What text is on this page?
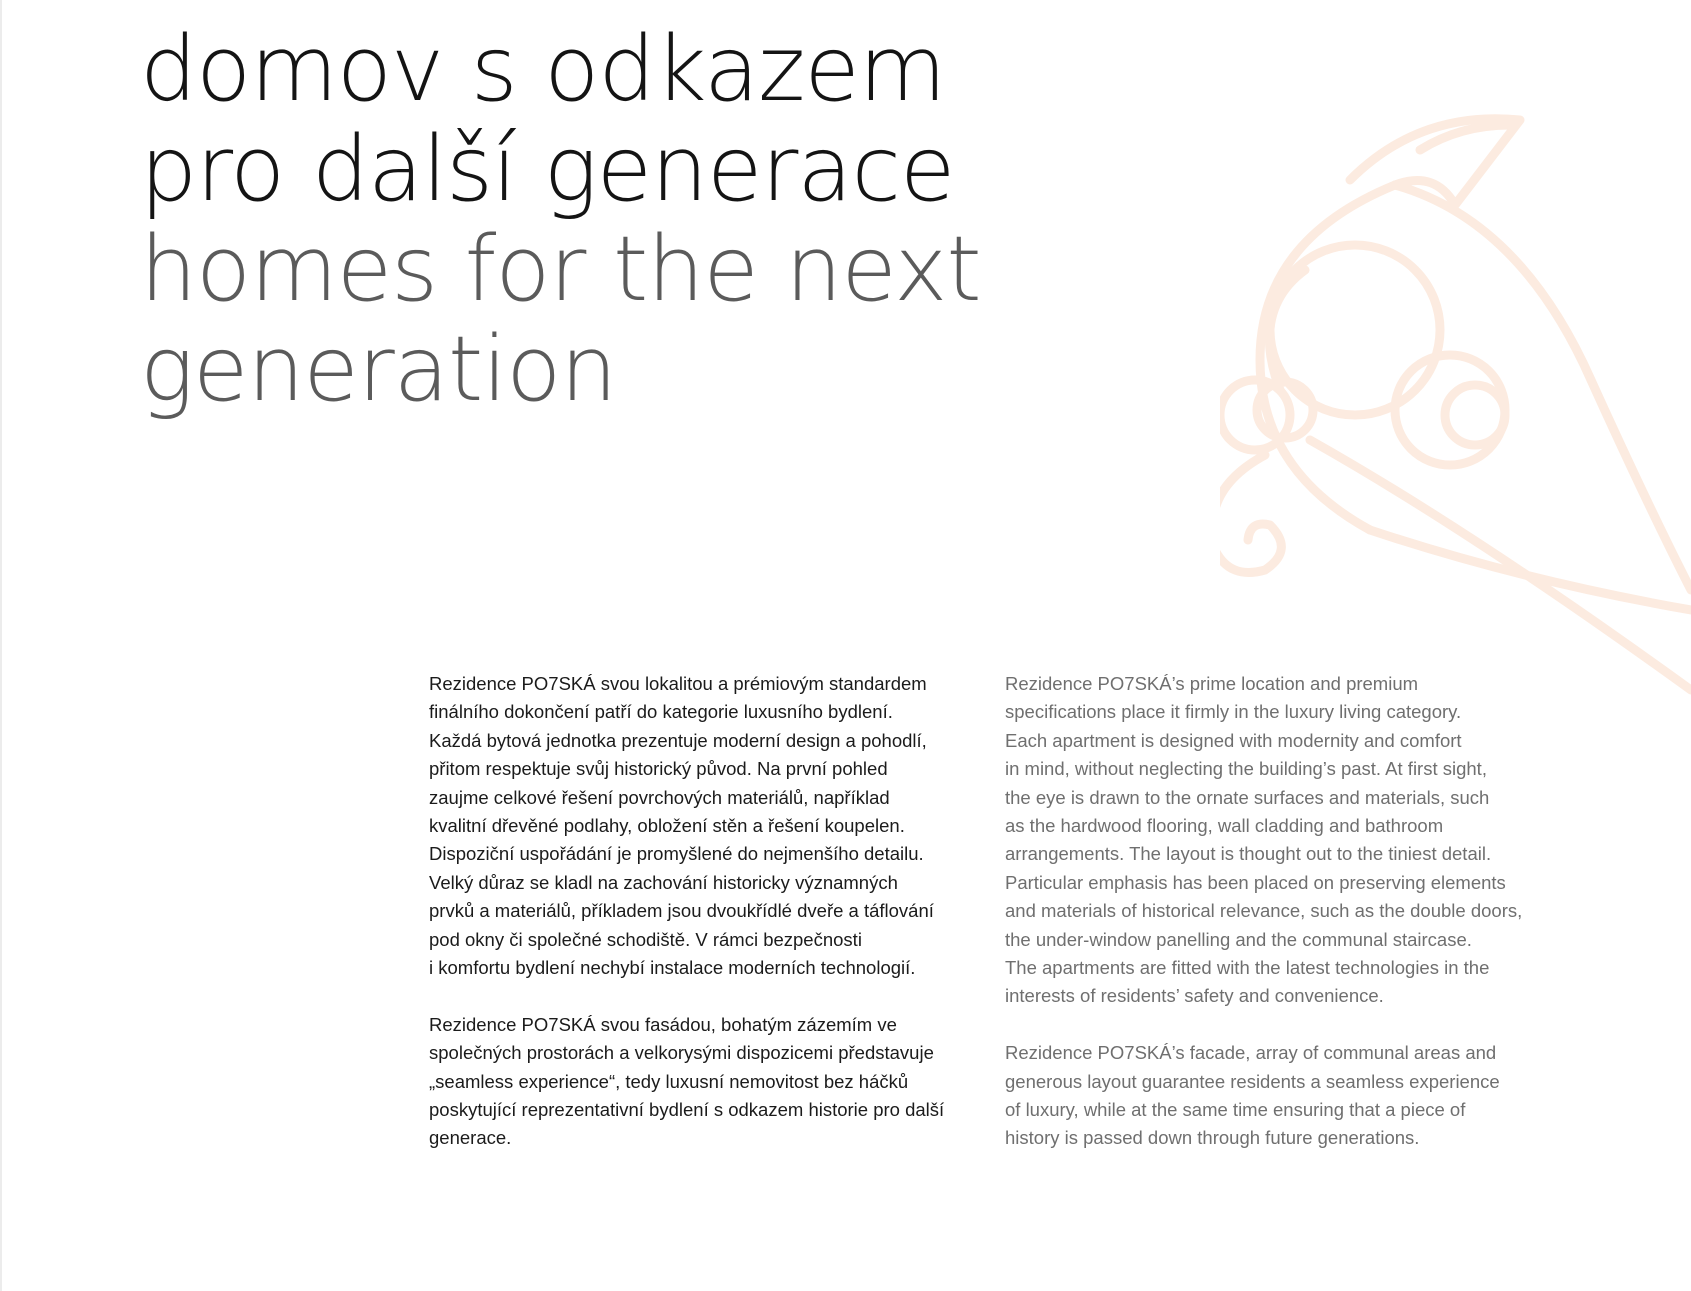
domov s odkazem
pro další generace
homes for the next
generation

Rezidence PO7SKÁ svou lokalitou a prémiovým standardem
finálního dokončení patří do kategorie luxusního bydlení.
Každá bytová jednotka prezentuje moderní design a pohodlí,
přitom respektuje svůj historický původ. Na první pohled
zaujme celkové řešení povrchových materiálů, například
kvalitní dřevěné podlahy, obložení stěn a řešení koupelen.
Dispoziční uspořádání je promyšlené do nejmenšího detailu.
Velký důraz se kladl na zachování historicky významných
prvků a materiálů, příkladem jsou dvoukřídlé dveře a táflování
pod okny či společné schodiště. V rámci bezpečnosti
i komfortu bydlení nechybí instalace moderních technologií.

Rezidence PO7SKÁ svou fasádou, bohatým zázemím ve
společných prostorách a velkorysými dispozicemi představuje
„seamless experience“, tedy luxusní nemovitost bez háčků
poskytující reprezentativní bydlení s odkazem historie pro další
generace.

Rezidence PO7SKÁ’s prime location and premium
specifications place it firmly in the luxury living category.
Each apartment is designed with modernity and comfort
in mind, without neglecting the building’s past. At first sight,
the eye is drawn to the ornate surfaces and materials, such
as the hardwood flooring, wall cladding and bathroom
arrangements. The layout is thought out to the tiniest detail.
Particular emphasis has been placed on preserving elements
and materials of historical relevance, such as the double doors,
the under-window panelling and the communal staircase.
The apartments are fitted with the latest technologies in the
interests of residents’ safety and convenience.

Rezidence PO7SKÁ’s facade, array of communal areas and
generous layout guarantee residents a seamless experience
of luxury, while at the same time ensuring that a piece of
history is passed down through future generations.
